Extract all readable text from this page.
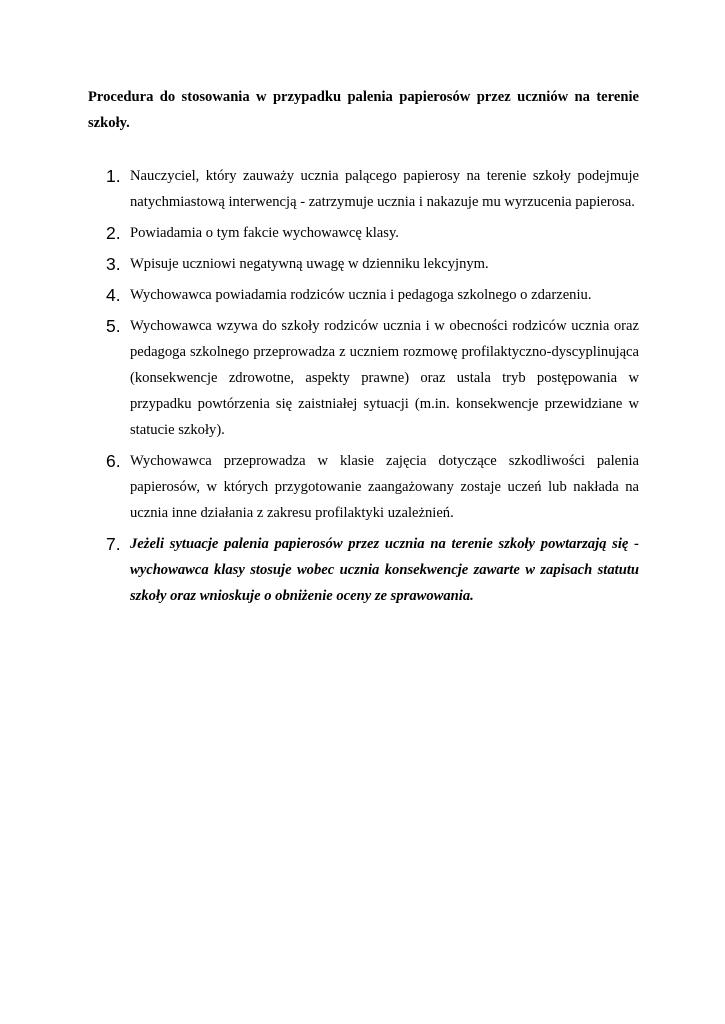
Procedura do stosowania w przypadku palenia papierosów przez uczniów na terenie szkoły.

1. Nauczyciel, który zauważy ucznia palącego papierosy na terenie szkoły podejmuje natychmiastową interwencją - zatrzymuje ucznia i nakazuje mu wyrzucenia papierosa.
2. Powiadamia o tym fakcie wychowawcę klasy.
3. Wpisuje uczniowi negatywną uwagę w dzienniku lekcyjnym.
4. Wychowawca powiadamia rodziców ucznia i pedagoga szkolnego o zdarzeniu.
5. Wychowawca wzywa do szkoły rodziców ucznia i w obecności rodziców ucznia oraz pedagoga szkolnego przeprowadza z uczniem rozmowę profilaktyczno-dyscyplinująca (konsekwencje zdrowotne, aspekty prawne) oraz ustala tryb postępowania w przypadku powtórzenia się zaistniałej sytuacji (m.in. konsekwencje przewidziane w statucie szkoły).
6. Wychowawca przeprowadza w klasie zajęcia dotyczące szkodliwości palenia papierosów, w których przygotowanie zaangażowany zostaje uczeń lub nakłada na ucznia inne działania z zakresu profilaktyki uzależnień.
7. Jeżeli sytuacje palenia papierosów przez ucznia na terenie szkoły powtarzają się - wychowawca klasy stosuje wobec ucznia konsekwencje zawarte w zapisach statutu szkoły oraz wnioskuje o obniżenie oceny ze sprawowania.
